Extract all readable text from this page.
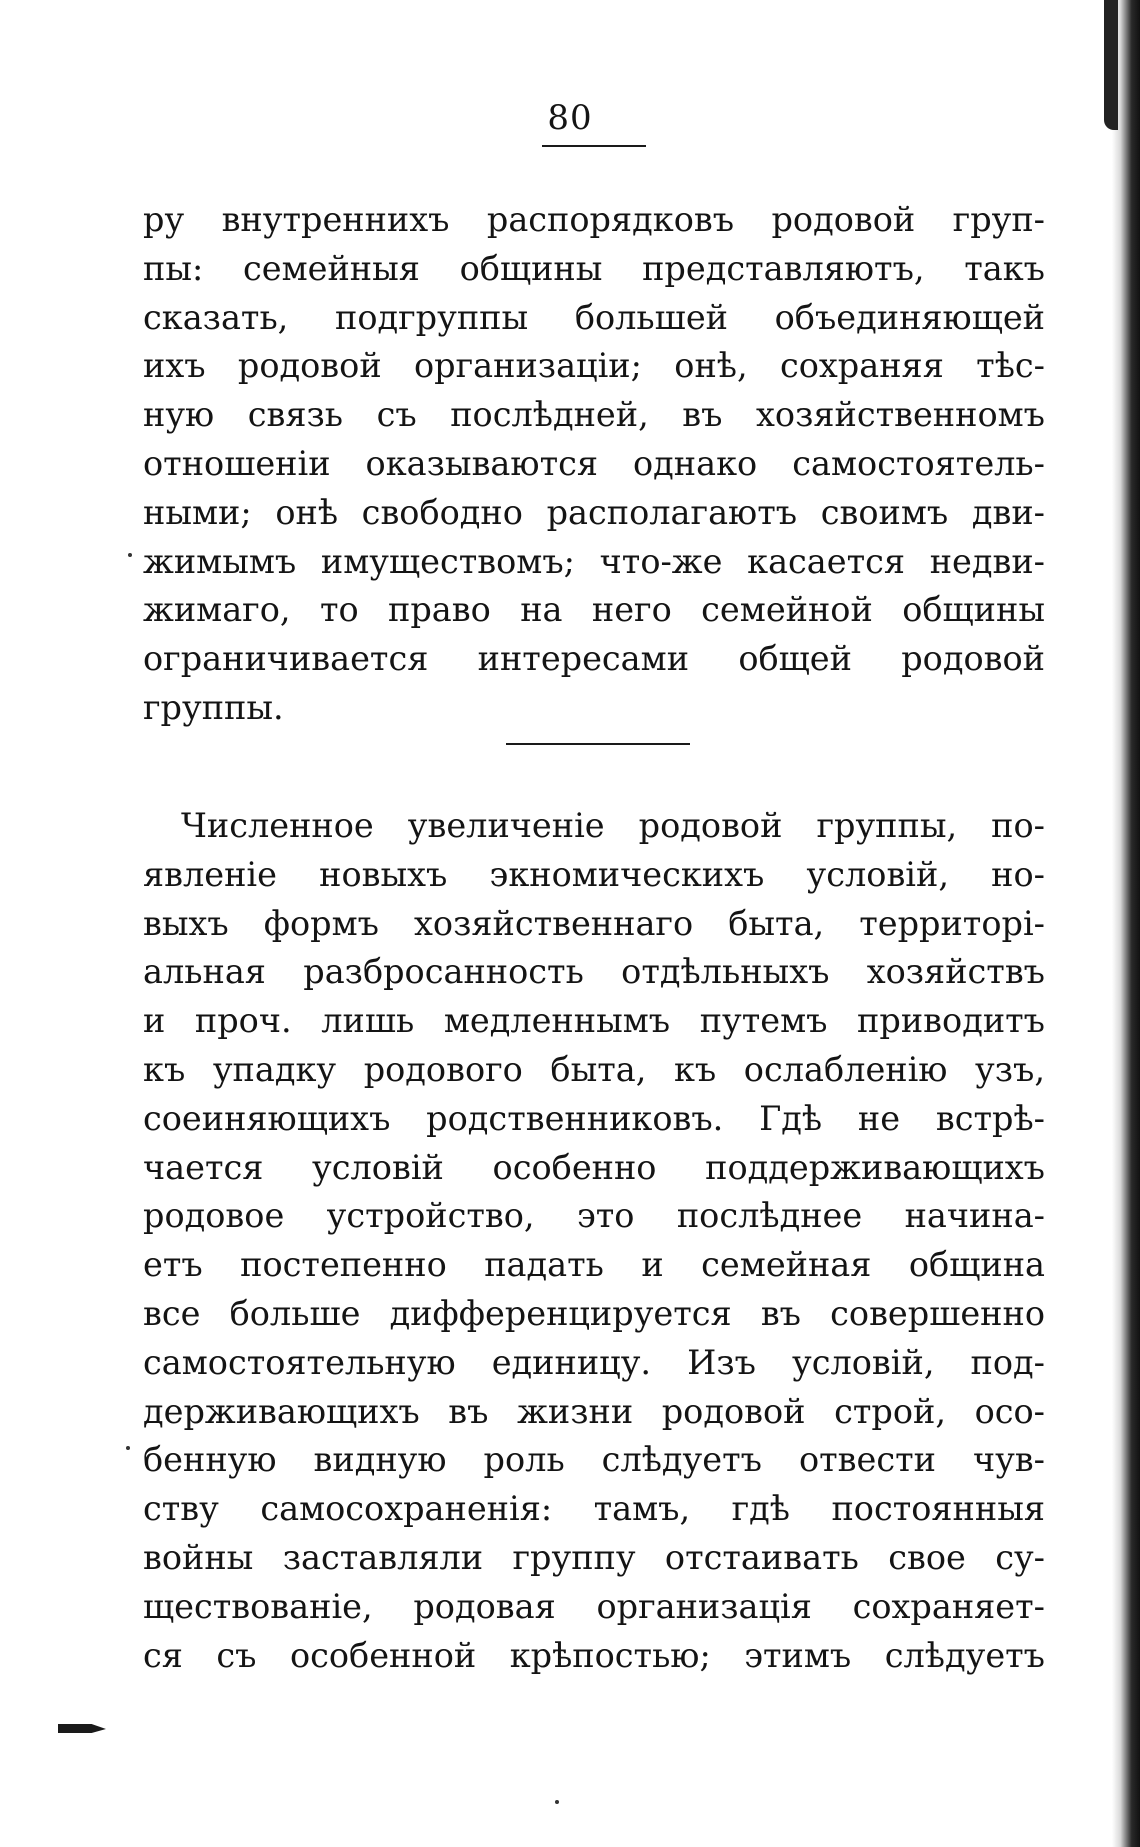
80
ру внутреннихъ распорядковъ родовой груп-
пы: семейныя общины представляютъ, такъ
сказать, подгруппы большей объединяющей
ихъ родовой организацiи; онѣ, сохраняя тѣс-
ную связь съ послѣдней, въ хозяйственномъ
отношенiи оказываются однако самостоятель-
ными; онѣ свободно располагаютъ своимъ дви-
жимымъ имуществомъ; что-же касается недви-
жимаго, то право на него семейной общины
ограничивается интересами общей родовой
группы.
Численное увеличенiе родовой группы, по-
явленiе новыхъ экномическихъ условiй, но-
выхъ формъ хозяйственнаго быта, территорi-
альная разбросанность отдѣльныхъ хозяйствъ
и проч. лишь медленнымъ путемъ приводитъ
къ упадку родового быта, къ ослабленiю узъ,
соеиняющихъ родственниковъ. Гдѣ не встрѣ-
чается условiй особенно поддерживающихъ
родовое устройство, это послѣднее начина-
етъ постепенно падать и семейная община
все больше дифференцируется въ совершенно
самостоятельную единицу. Изъ условiй, под-
держивающихъ въ жизни родовой строй, осо-
бенную видную роль слѣдуетъ отвести чув-
ству самосохраненiя: тамъ, гдѣ постоянныя
войны заставляли группу отстаивать свое су-
ществованiе, родовая организацiя сохраняет-
ся съ особенной крѣпостью; этимъ слѣдуетъ
